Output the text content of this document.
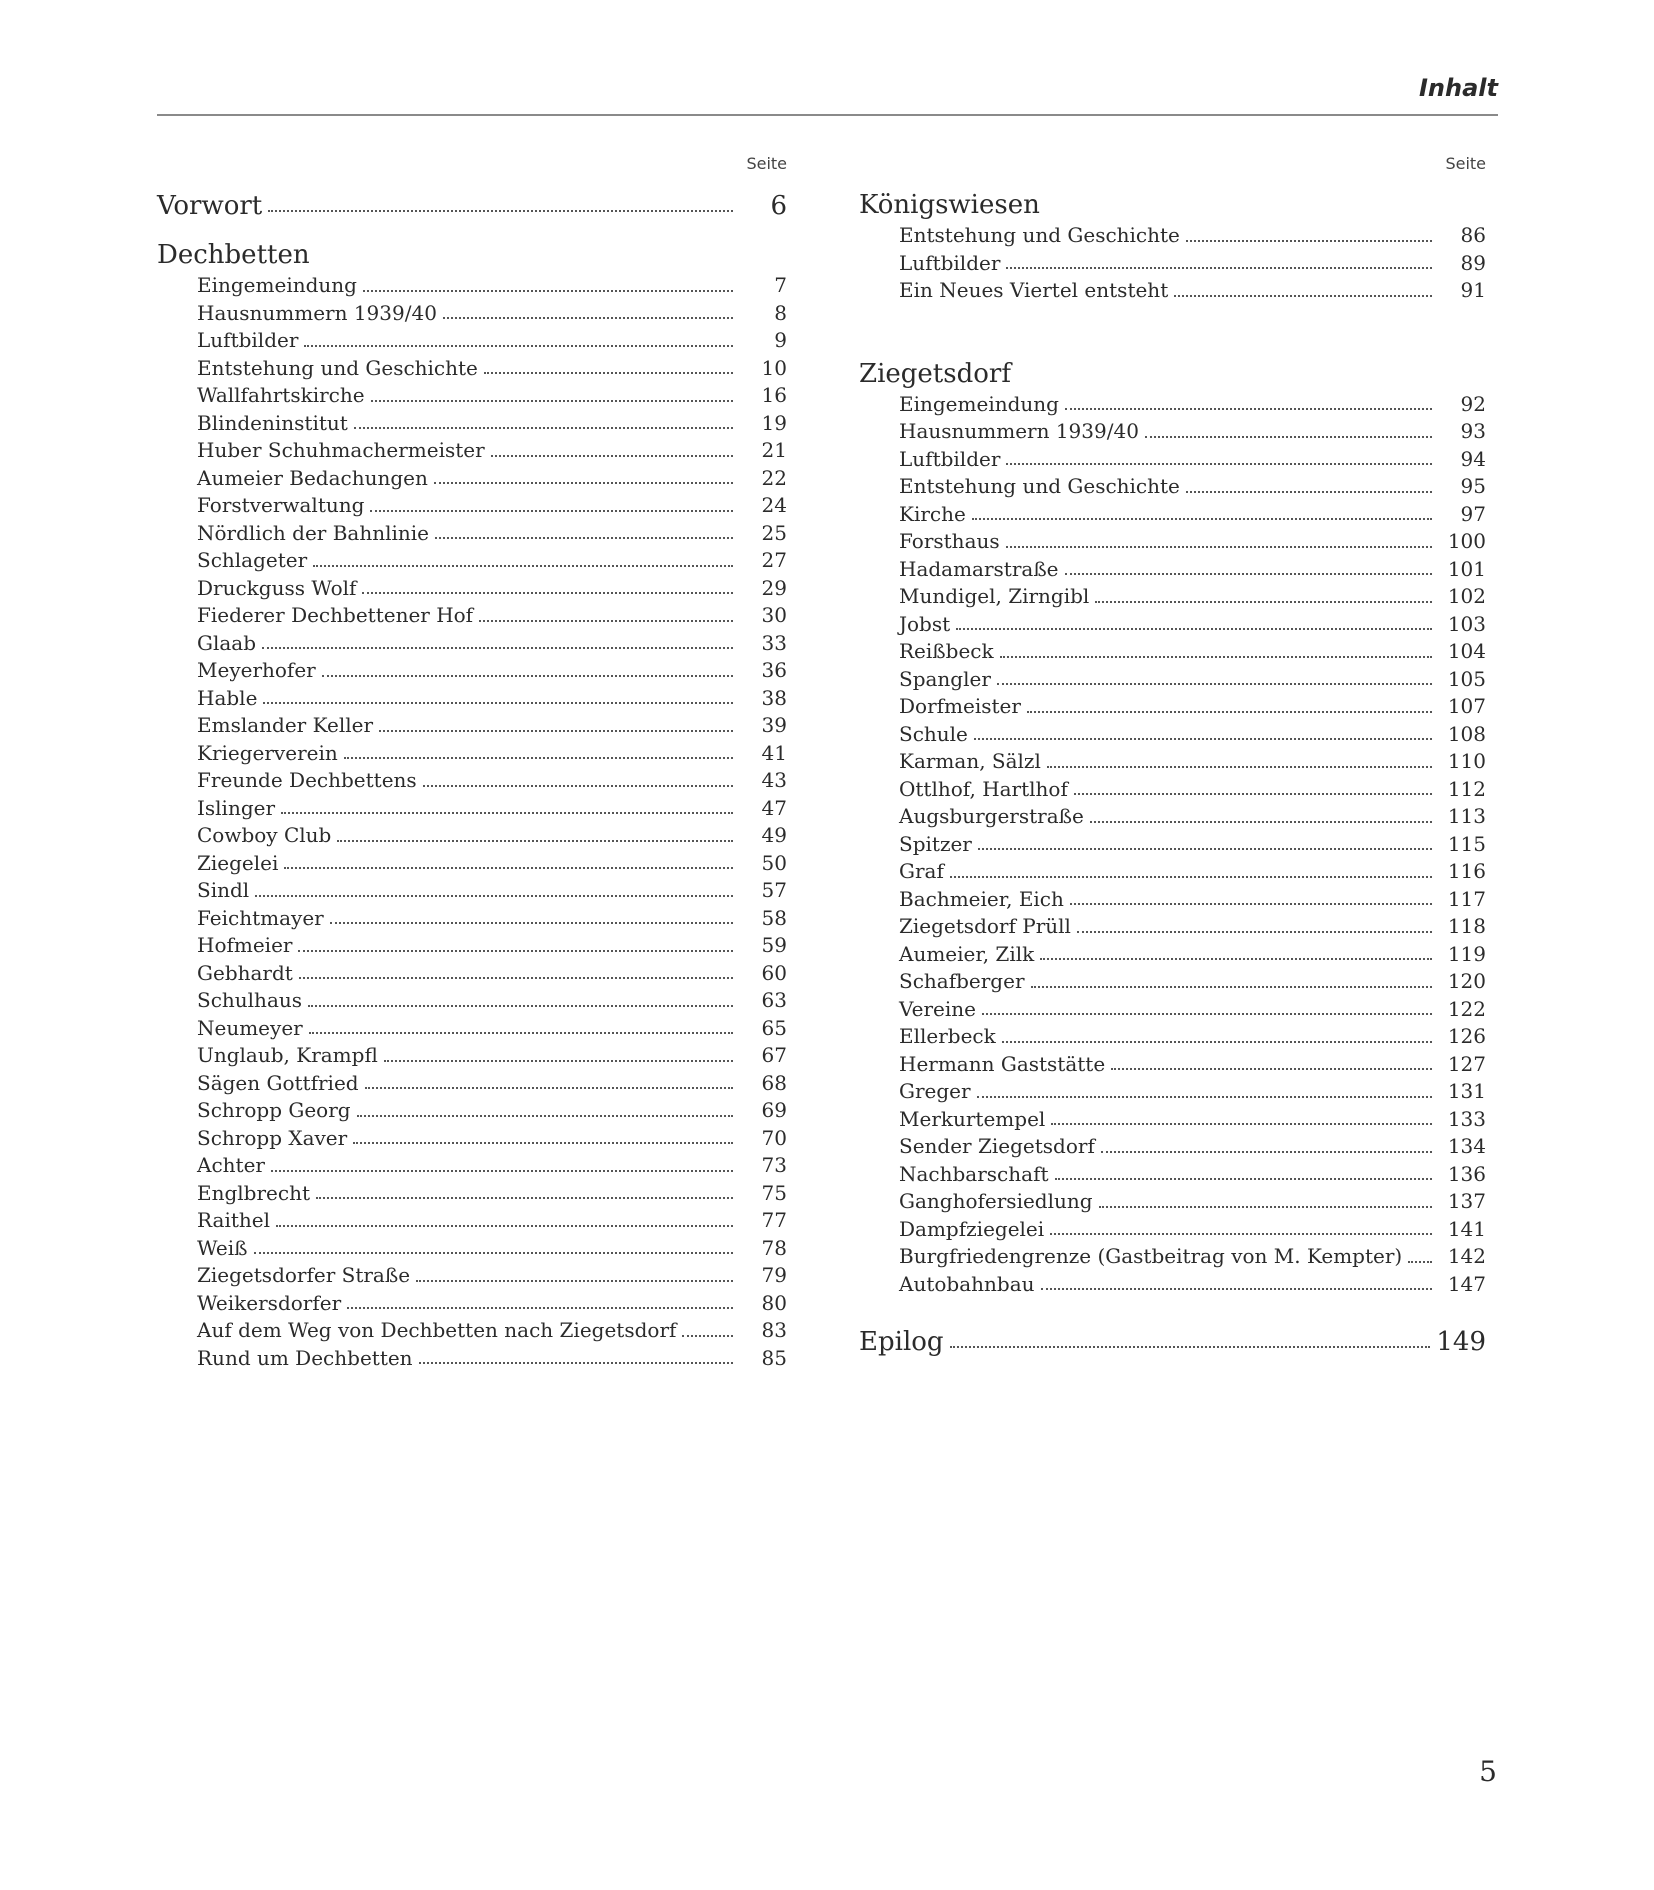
Inhalt
Seite
Vorwort	6
Dechbetten
Eingemeindung	7
Hausnummern 1939/40	8
Luftbilder	9
Entstehung und Geschichte	10
Wallfahrtskirche	16
Blindeninstitut	19
Huber Schuhmachermeister	21
Aumeier Bedachungen	22
Forstverwaltung	24
Nördlich der Bahnlinie	25
Schlageter	27
Druckguss Wolf	29
Fiederer Dechbettener Hof	30
Glaab	33
Meyerhofer	36
Hable	38
Emslander Keller	39
Kriegerverein	41
Freunde Dechbettens	43
Islinger	47
Cowboy Club	49
Ziegelei	50
Sindl	57
Feichtmayer	58
Hofmeier	59
Gebhardt	60
Schulhaus	63
Neumeyer	65
Unglaub, Krampfl	67
Sägen Gottfried	68
Schropp Georg	69
Schropp Xaver	70
Achter	73
Englbrecht	75
Raithel	77
Weiß	78
Ziegetsdorfer Straße	79
Weikersdorfer	80
Auf dem Weg von Dechbetten nach Ziegetsdorf	83
Rund um Dechbetten	85
Seite
Königswiesen
Entstehung und Geschichte	86
Luftbilder	89
Ein Neues Viertel entsteht	91
Ziegetsdorf
Eingemeindung	92
Hausnummern 1939/40	93
Luftbilder	94
Entstehung und Geschichte	95
Kirche	97
Forsthaus	100
Hadamarstraße	101
Mundigel, Zirngibl	102
Jobst	103
Reißbeck	104
Spangler	105
Dorfmeister	107
Schule	108
Karman, Sälzl	110
Ottlhof, Hartlhof	112
Augsburgerstraße	113
Spitzer	115
Graf	116
Bachmeier, Eich	117
Ziegetsdorf Prüll	118
Aumeier, Zilk	119
Schafberger	120
Vereine	122
Ellerbeck	126
Hermann Gaststätte	127
Greger	131
Merkurtempel	133
Sender Ziegetsdorf	134
Nachbarschaft	136
Ganghofersiedlung	137
Dampfziegelei	141
Burgfriedengrenze (Gastbeitrag von M. Kempter)	142
Autobahnbau	147
Epilog	149
5
